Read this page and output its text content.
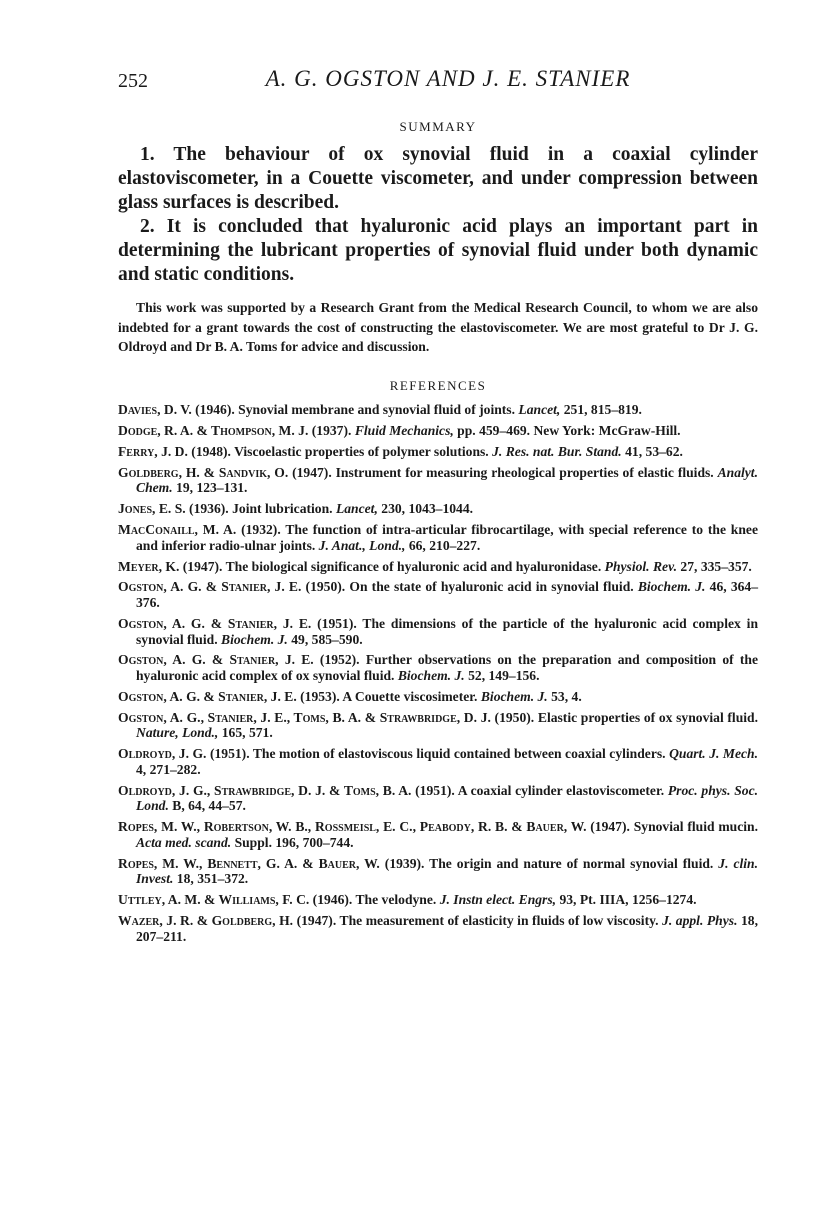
252	A. G. OGSTON AND J. E. STANIER
SUMMARY
1. The behaviour of ox synovial fluid in a coaxial cylinder elastoviscometer, in a Couette viscometer, and under compression between glass surfaces is described.
2. It is concluded that hyaluronic acid plays an important part in determining the lubricant properties of synovial fluid under both dynamic and static conditions.

This work was supported by a Research Grant from the Medical Research Council, to whom we are also indebted for a grant towards the cost of constructing the elastoviscometer. We are most grateful to Dr J. G. Oldroyd and Dr B. A. Toms for advice and discussion.

REFERENCES
Davies, D. V. (1946). Synovial membrane and synovial fluid of joints. Lancet, 251, 815–819.
Dodge, R. A. & Thompson, M. J. (1937). Fluid Mechanics, pp. 459–469. New York: McGraw-Hill.
Ferry, J. D. (1948). Viscoelastic properties of polymer solutions. J. Res. nat. Bur. Stand. 41, 53–62.
Goldberg, H. & Sandvik, O. (1947). Instrument for measuring rheological properties of elastic fluids. Analyt. Chem. 19, 123–131.
Jones, E. S. (1936). Joint lubrication. Lancet, 230, 1043–1044.
MacConaill, M. A. (1932). The function of intra-articular fibrocartilage, with special reference to the knee and inferior radio-ulnar joints. J. Anat., Lond., 66, 210–227.
Meyer, K. (1947). The biological significance of hyaluronic acid and hyaluronidase. Physiol. Rev. 27, 335–357.
Ogston, A. G. & Stanier, J. E. (1950). On the state of hyaluronic acid in synovial fluid. Biochem. J. 46, 364–376.
Ogston, A. G. & Stanier, J. E. (1951). The dimensions of the particle of the hyaluronic acid complex in synovial fluid. Biochem. J. 49, 585–590.
Ogston, A. G. & Stanier, J. E. (1952). Further observations on the preparation and composition of the hyaluronic acid complex of ox synovial fluid. Biochem. J. 52, 149–156.
Ogston, A. G. & Stanier, J. E. (1953). A Couette viscosimeter. Biochem. J. 53, 4.
Ogston, A. G., Stanier, J. E., Toms, B. A. & Strawbridge, D. J. (1950). Elastic properties of ox synovial fluid. Nature, Lond., 165, 571.
Oldroyd, J. G. (1951). The motion of elastoviscous liquid contained between coaxial cylinders. Quart. J. Mech. 4, 271–282.
Oldroyd, J. G., Strawbridge, D. J. & Toms, B. A. (1951). A coaxial cylinder elastoviscometer. Proc. phys. Soc. Lond. B, 64, 44–57.
Ropes, M. W., Robertson, W. B., Rossmeisl, E. C., Peabody, R. B. & Bauer, W. (1947). Synovial fluid mucin. Acta med. scand. Suppl. 196, 700–744.
Ropes, M. W., Bennett, G. A. & Bauer, W. (1939). The origin and nature of normal synovial fluid. J. clin. Invest. 18, 351–372.
Uttley, A. M. & Williams, F. C. (1946). The velodyne. J. Instn elect. Engrs, 93, Pt. IIIA, 1256–1274.
Wazer, J. R. & Goldberg, H. (1947). The measurement of elasticity in fluids of low viscosity. J. appl. Phys. 18, 207–211.
